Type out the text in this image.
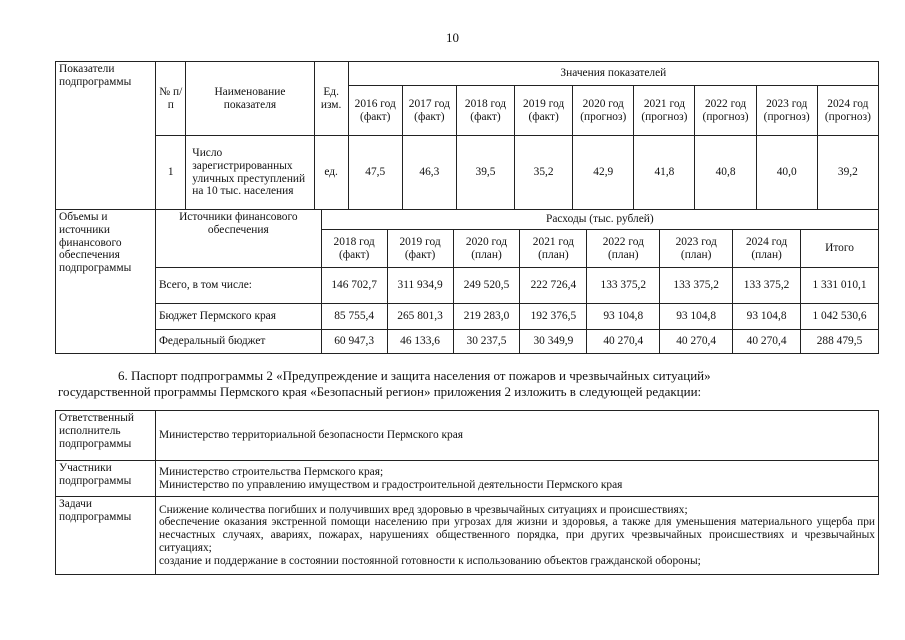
10
Показатели подпрограммы	№ п/п	Наименование показателя	Ед. изм.	Значения показателей								
				2016 год (факт)	2017 год (факт)	2018 год (факт)	2019 год (факт)	2020 год (прогноз)	2021 год (прогноз)	2022 год (прогноз)	2023 год (прогноз)	2024 год (прогноз)
	1	Число зарегистрированных уличных преступлений на 10 тыс. населения	ед.	47,5	46,3	39,5	35,2	42,9	41,8	40,8	40,0	39,2
Объемы и источники финансового обеспечения подпрограммы	Источники финансового обеспечения	Расходы (тыс. рублей)							
		2018 год (факт)	2019 год (факт)	2020 год (план)	2021 год (план)	2022 год (план)	2023 год (план)	2024 год (план)	Итого
	Всего, в том числе:	146 702,7	311 934,9	249 520,5	222 726,4	133 375,2	133 375,2	133 375,2	1 331 010,1
	Бюджет Пермского края	85 755,4	265 801,3	219 283,0	192 376,5	93 104,8	93 104,8	93 104,8	1 042 530,6
	Федеральный бюджет	60 947,3	46 133,6	30 237,5	30 349,9	40 270,4	40 270,4	40 270,4	288 479,5

6. Паспорт подпрограммы 2 «Предупреждение и защита населения от пожаров и чрезвычайных ситуаций»

государственной программы Пермского края «Безопасный регион» приложения 2 изложить в следующей редакции:

Ответственный исполнитель подпрограммы	Министерство территориальной безопасности Пермского края
Участники подпрограммы	Министерство строительства Пермского края;
Министерство по управлению имуществом и градостроительной деятельности Пермского края

Задачи подпрограммы	Снижение количества погибших и получивших вред здоровью в чрезвычайных ситуациях и происшествиях;
обеспечение оказания экстренной помощи населению при угрозах для жизни и здоровья, а также для уменьшения материального ущерба при несчастных случаях, авариях, пожарах, нарушениях общественного порядка, при других чрезвычайных происшествиях и чрезвычайных ситуациях;
создание и поддержание в состоянии постоянной готовности к использованию объектов гражданской обороны;
